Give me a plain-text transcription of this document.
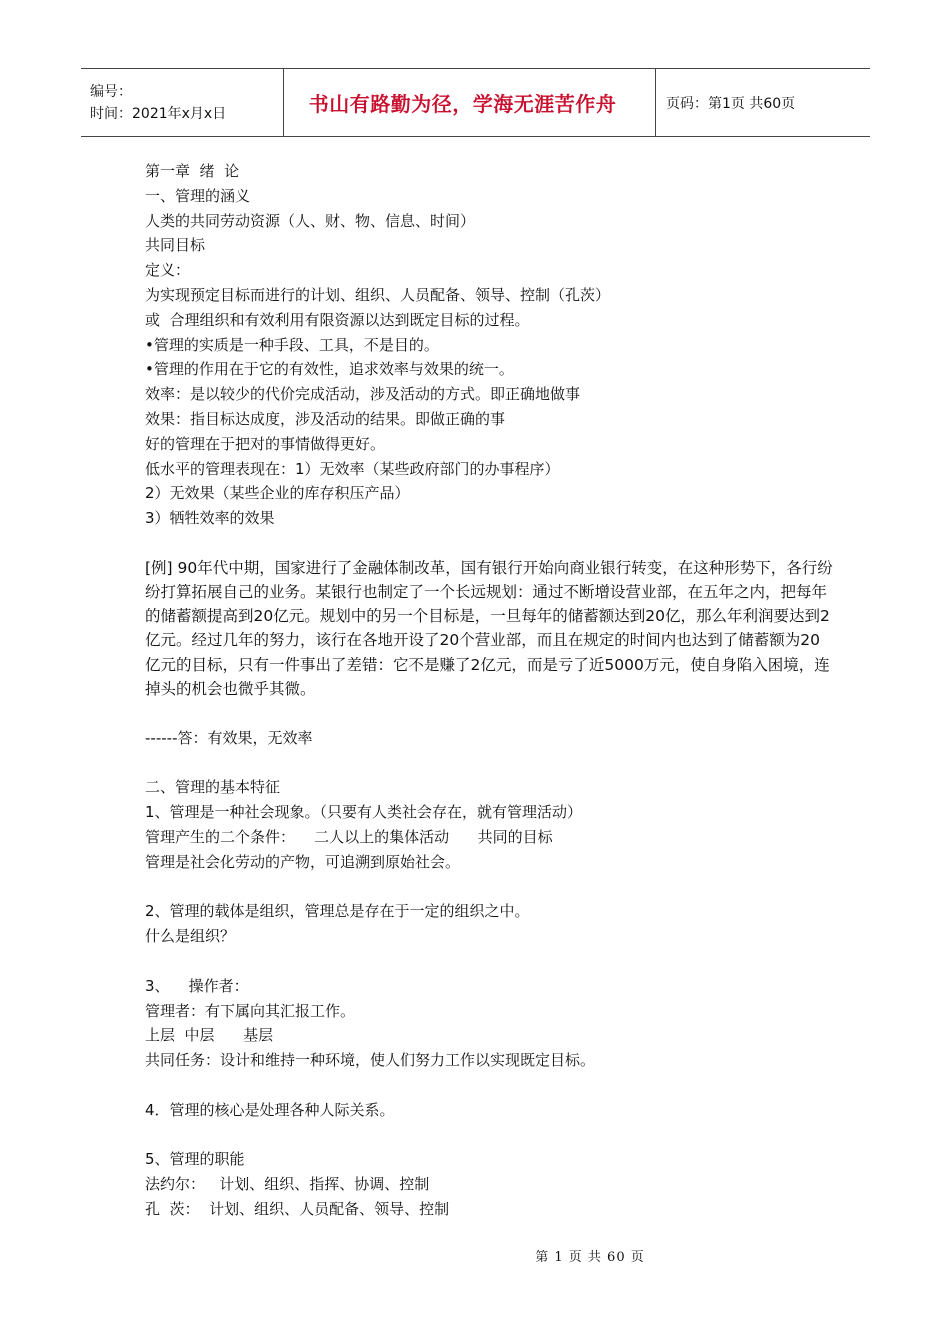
编号：
时间：2021年x月x日	书山有路勤为径，学海无涯苦作舟	页码：第1页 共60页

第一章  绪  论

一、管理的涵义

人类的共同劳动资源（人、财、物、信息、时间）

共同目标

定义：

为实现预定目标而进行的计划、组织、人员配备、领导、控制（孔茨）

或  合理组织和有效利用有限资源以达到既定目标的过程。

•管理的实质是一种手段、工具，不是目的。

•管理的作用在于它的有效性，追求效率与效果的统一。

效率：是以较少的代价完成活动，涉及活动的方式。即正确地做事

效果：指目标达成度，涉及活动的结果。即做正确的事

好的管理在于把对的事情做得更好。

低水平的管理表现在：1）无效率（某些政府部门的办事程序）

2）无效果（某些企业的库存积压产品）

3）牺牲效率的效果

[例] 90年代中期，国家进行了金融体制改革，国有银行开始向商业银行转变，在这种形势下，各行纷纷打算拓展自己的业务。某银行也制定了一个长远规划：通过不断增设营业部，在五年之内，把每年的储蓄额提高到20亿元。规划中的另一个目标是，一旦每年的储蓄额达到20亿，那么年利润要达到2亿元。经过几年的努力，该行在各地开设了20个营业部，而且在规定的时间内也达到了储蓄额为20亿元的目标，只有一件事出了差错：它不是赚了2亿元，而是亏了近5000万元，使自身陷入困境，连掉头的机会也微乎其微。

------答：有效果，无效率

二、管理的基本特征

1、管理是一种社会现象。（只要有人类社会存在，就有管理活动）

管理产生的二个条件：    二人以上的集体活动      共同的目标

管理是社会化劳动的产物，可追溯到原始社会。

2、管理的载体是组织，管理总是存在于一定的组织之中。

什么是组织？

3、    操作者：

管理者：有下属向其汇报工作。

上层  中层      基层

共同任务：设计和维持一种环境，使人们努力工作以实现既定目标。

4．管理的核心是处理各种人际关系。

5、管理的职能

法约尔：   计划、组织、指挥、协调、控制

孔  茨：  计划、组织、人员配备、领导、控制

第 1 页 共 60 页
